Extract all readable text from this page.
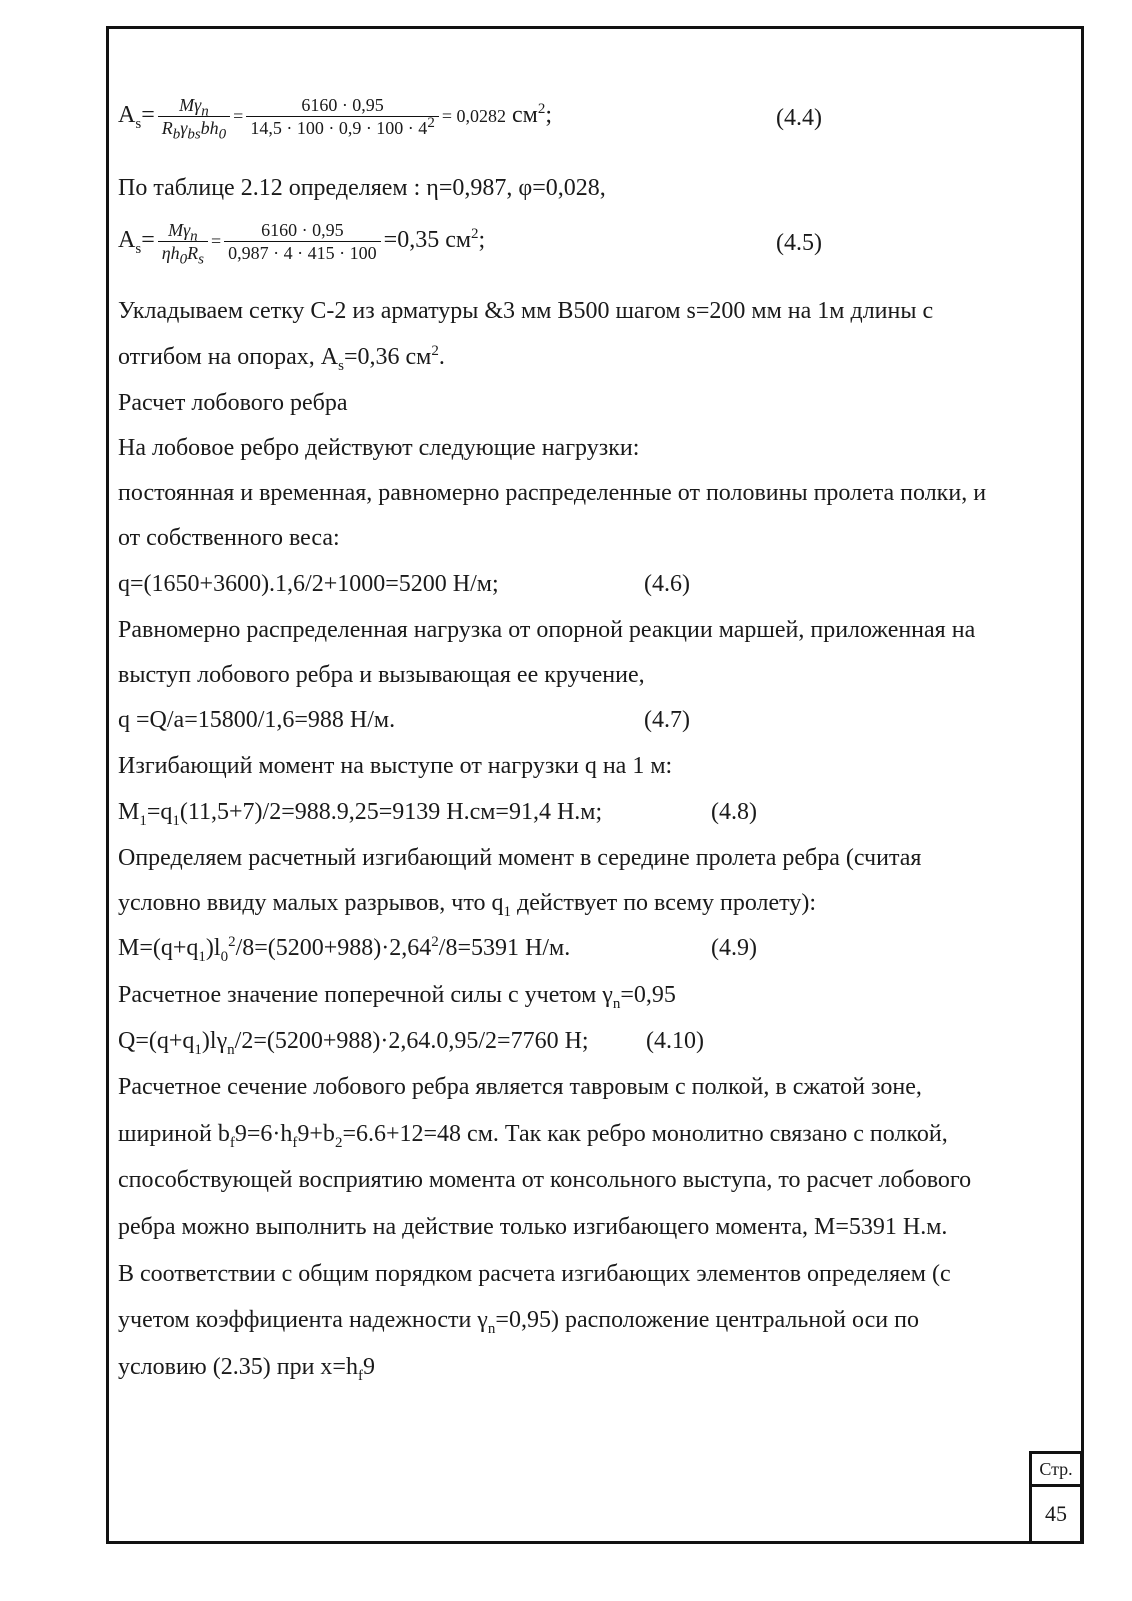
$A_s= \frac{M\gamma_n}{R_b\gamma_{bs}bh_0} = \frac{6160 \cdot 0,95}{14,5 \cdot 100 \cdot 0,9 \cdot 100 \cdot 4^2} = 0,0282$ $см^2$;	(4.4)
По таблице 2.12 определяем : η=0,987, φ=0,028,
$A_s= \frac{M\gamma_n}{\eta h_0R_s} = \frac{6160 \cdot 0,95}{0,987 \cdot 4 \cdot 415 \cdot 100} =0,35$ $см^2$;	(4.5)
Укладываем сетку С-2 из арматуры &3 мм В500 шагом s=200 мм на 1м длины с
отгибом на опорах, $A_s=0,36$ $см^2$.
Расчет лобового ребра
На лобовое ребро действуют следующие нагрузки:
постоянная и временная, равномерно распределенные от половины пролета полки, и
от собственного веса:
q=(1650+3600).1,6/2+1000=5200 Н/м;	(4.6)
Равномерно распределенная нагрузка от опорной реакции маршей, приложенная на
выступ лобового ребра и вызывающая ее кручение,
q =Q/a=15800/1,6=988 Н/м.	(4.7)
Изгибающий момент на выступе от нагрузки q на 1 м:
$M_1=q_1(11,5+7)/2=988.9,25=9139$ Н.см=91,4 Н.м;	(4.8)
Определяем расчетный изгибающий момент в середине пролета ребра (считая
условно ввиду малых разрывов, что $q_1$ действует по всему пролету):
$M=(q+q_1)l_0^2/8=(5200+988)\cdot 2,64^2/8=5391$ Н/м.	(4.9)
Расчетное значение поперечной силы с учетом $\gamma_n=0,95$
$Q=(q+q_1)l\gamma_n/2=(5200+988)\cdot 2,64.0,95/2=7760$ Н; (4.10)
Расчетное сечение лобового ребра является тавровым с полкой, в сжатой зоне,
шириной $b_f9=6\cdot h_f9+b_2=6.6+12=48$ см. Так как ребро монолитно связано с полкой,
способствующей восприятию момента от консольного выступа, то расчет лобового
ребра можно выполнить на действие только изгибающего момента, M=5391 Н.м.
В соответствии с общим порядком расчета изгибающих элементов определяем (с
учетом коэффициента надежности $\gamma_n=0,95$) расположение центральной оси по
условию (2.35) при $x=h_f9$
Стр.
45
